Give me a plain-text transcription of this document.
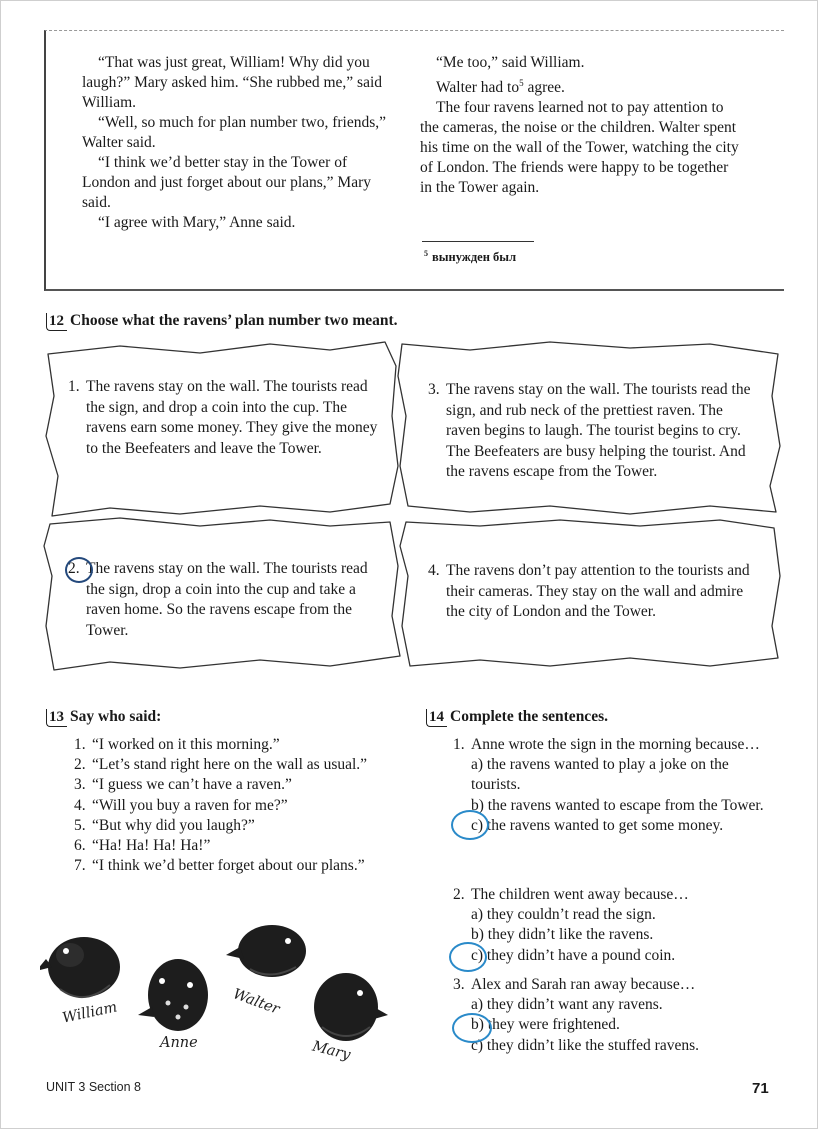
“That was just great, William! Why did you laugh?” Mary asked him. “She rubbed me,” said William.

“Well, so much for plan number two, friends,” Walter said.

“I think we’d better stay in the Tower of London and just forget about our plans,” Mary said.

“I agree with Mary,” Anne said.

“Me too,” said William.

Walter had $to^5$ agree.

The four ravens learned not to pay attention to the cameras, the noise or the children. Walter spent his time on the wall of the Tower, watching the city of London. The friends were happy to be together in the Tower again.

$^5$ вынужден был
12 Choose what the ravens’ plan number two meant.
1. The ravens stay on the wall. The tourists read the sign, and drop a coin into the cup. The ravens earn some money. They give the money to the Beefeaters and leave the Tower.
3. The ravens stay on the wall. The tourists read the sign, and rub neck of the prettiest raven. The raven begins to laugh. The tourist begins to cry. The Beefeaters are busy helping the tourist. And the ravens escape from the Tower.
2. The ravens stay on the wall. The tourists read the sign, drop a coin into the cup and take a raven home. So the ravens escape from the Tower.
4. The ravens don’t pay attention to the tourists and their cameras. They stay on the wall and admire the city of London and the Tower.
13 Say who said:
1. “I worked on it this morning.”
2. “Let’s stand right here on the wall as usual.”
3. “I guess we can’t have a raven.”
4. “Will you buy a raven for me?”
5. “But why did you laugh?”
6. “Ha! Ha! Ha! Ha!”
7. “I think we’d better forget about our plans.”
William
Anne
Walter
Mary
14 Complete the sentences.
1. Anne wrote the sign in the morning because…
a) the ravens wanted to play a joke on the tourists.
b) the ravens wanted to escape from the Tower.
c) the ravens wanted to get some money.
2. The children went away because…
a) they couldn’t read the sign.
b) they didn’t like the ravens.
c) they didn’t have a pound coin.
3. Alex and Sarah ran away because…
a) they didn’t want any ravens.
b) they were frightened.
c) they didn’t like the stuffed ravens.
UNIT 3 Section 8	71
